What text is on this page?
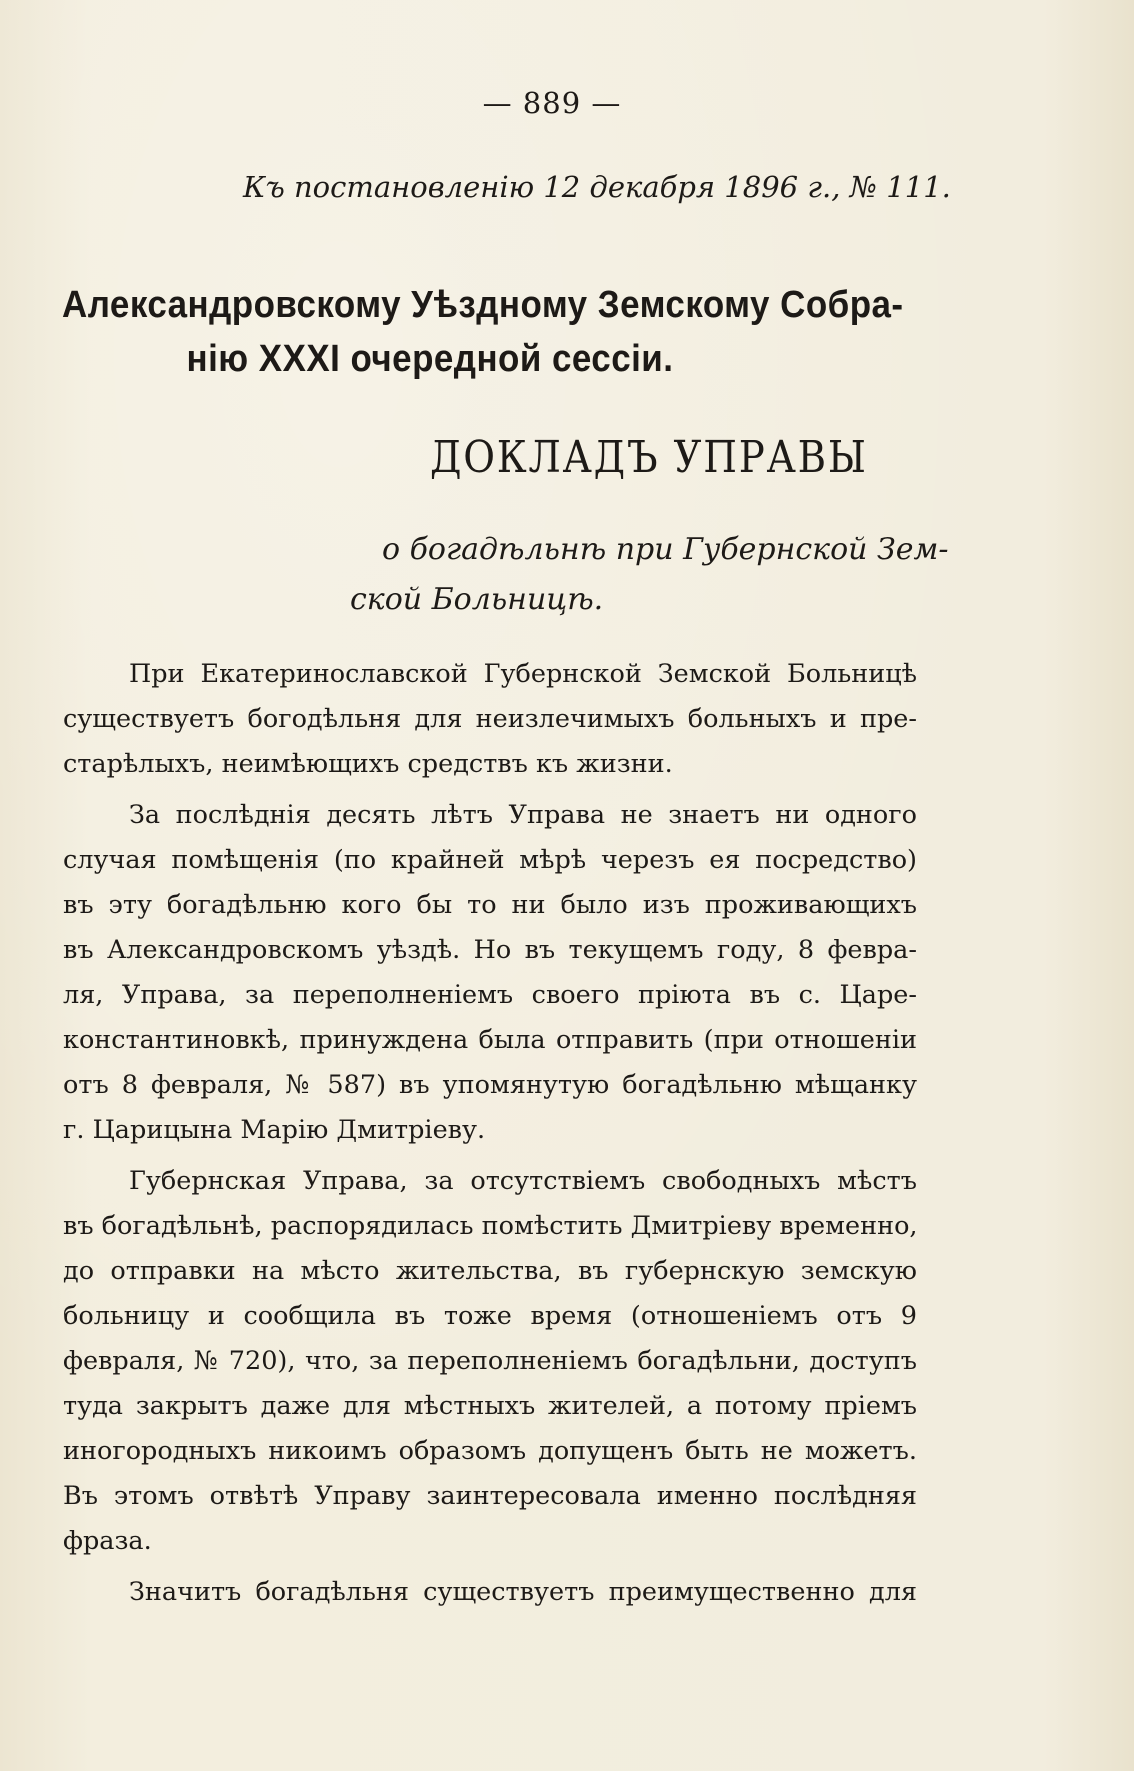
— 889 —
Къ постановленію 12 декабря 1896 г., № 111.
Александровскому Уѣздному Земскому Собра-
нію XXXI очередной сессіи.
ДОКЛАДЪ УПРАВЫ
о богадѣльнѣ при Губернской Зем-
ской Больницѣ.

При Екатеринославской Губернской Земской Больницѣ
существуетъ богодѣльня для неизлечимыхъ больныхъ и пре-
старѣлыхъ, неимѣющихъ средствъ къ жизни.

За послѣднія десять лѣтъ Управа не знаетъ ни одного
случая помѣщенія (по крайней мѣрѣ черезъ ея посредство)
въ эту богадѣльню кого бы то ни было изъ проживающихъ
въ Александровскомъ уѣздѣ. Но въ текущемъ году, 8 февра-
ля, Управа, за переполненіемъ своего пріюта въ с. Царе-
константиновкѣ, принуждена была отправить (при отношеніи
отъ 8 февраля, № 587) въ упомянутую богадѣльню мѣщанку
г. Царицына Марію Дмитріеву.

Губернская Управа, за отсутствіемъ свободныхъ мѣстъ
въ богадѣльнѣ, распорядилась помѣстить Дмитріеву временно,
до отправки на мѣсто жительства, въ губернскую земскую
больницу и сообщила въ тоже время (отношеніемъ отъ 9
февраля, № 720), что, за переполненіемъ богадѣльни, доступъ
туда закрытъ даже для мѣстныхъ жителей, а потому пріемъ
иногородныхъ никоимъ образомъ допущенъ быть не можетъ.
Въ этомъ отвѣтѣ Управу заинтересовала именно послѣдняя
фраза.

Значитъ богадѣльня существуетъ преимущественно для
